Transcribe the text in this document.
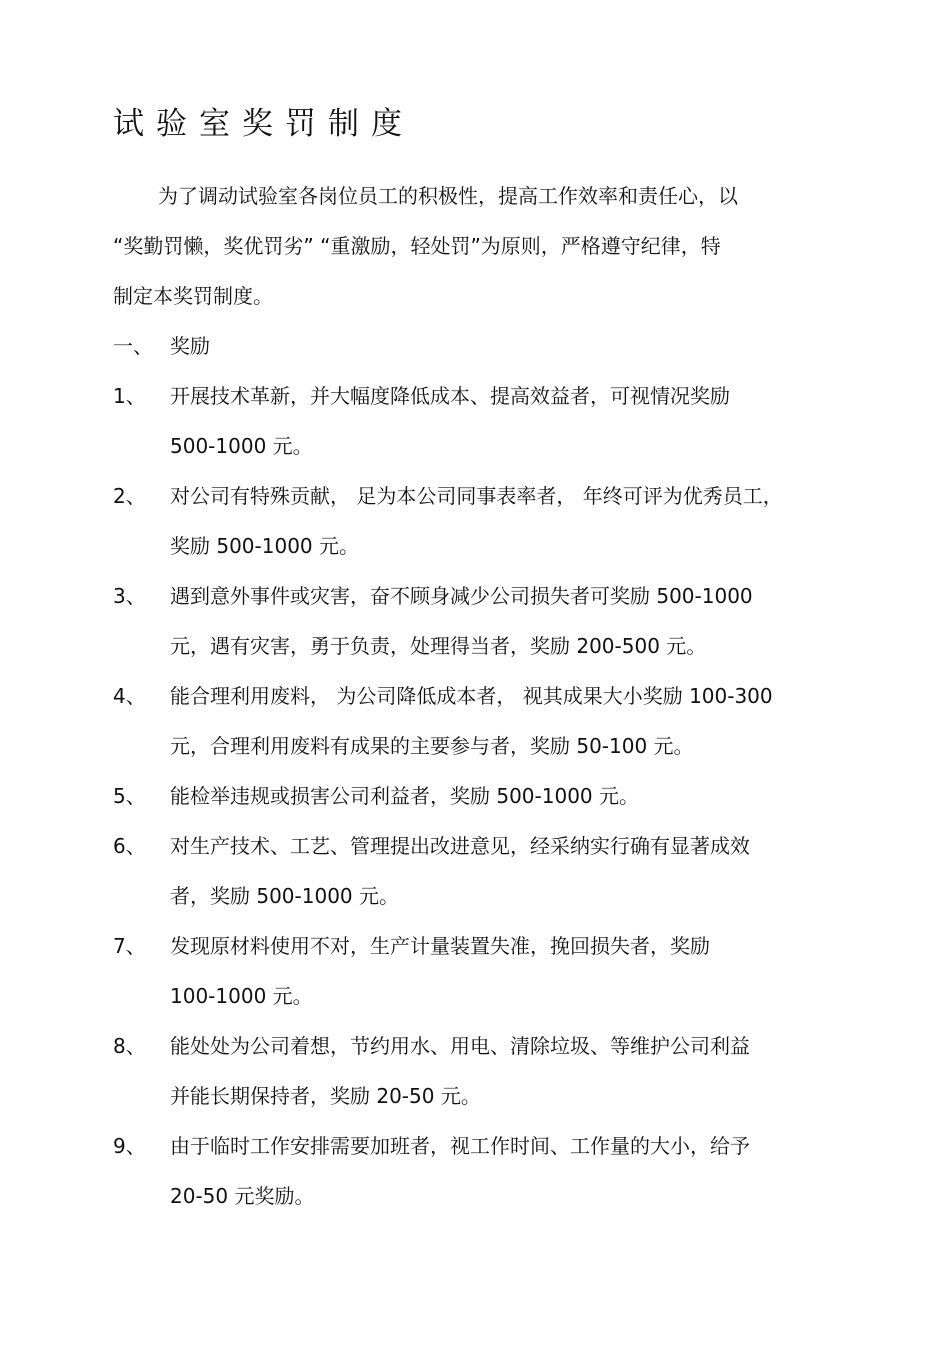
试验室奖罚制度
为了调动试验室各岗位员工的积极性，提高工作效率和责任心，以
“奖勤罚懒，奖优罚劣” “重激励，轻处罚”为原则，严格遵守纪律，特
制定本奖罚制度。
一、 奖励
1、 开展技术革新，并大幅度降低成本、提高效益者，可视情况奖励
500-1000 元。
2、 对公司有特殊贡献， 足为本公司同事表率者， 年终可评为优秀员工，
奖励 500-1000 元。
3、 遇到意外事件或灾害，奋不顾身减少公司损失者可奖励 500-1000
元，遇有灾害，勇于负责，处理得当者，奖励 200-500 元。
4、 能合理利用废料， 为公司降低成本者， 视其成果大小奖励 100-300
元，合理利用废料有成果的主要参与者，奖励 50-100 元。
5、 能检举违规或损害公司利益者，奖励 500-1000 元。
6、 对生产技术、工艺、管理提出改进意见，经采纳实行确有显著成效
者，奖励 500-1000 元。
7、 发现原材料使用不对，生产计量装置失准，挽回损失者，奖励
100-1000 元。
8、 能处处为公司着想，节约用水、用电、清除垃圾、等维护公司利益
并能长期保持者，奖励 20-50 元。
9、 由于临时工作安排需要加班者，视工作时间、工作量的大小，给予
20-50 元奖励。
